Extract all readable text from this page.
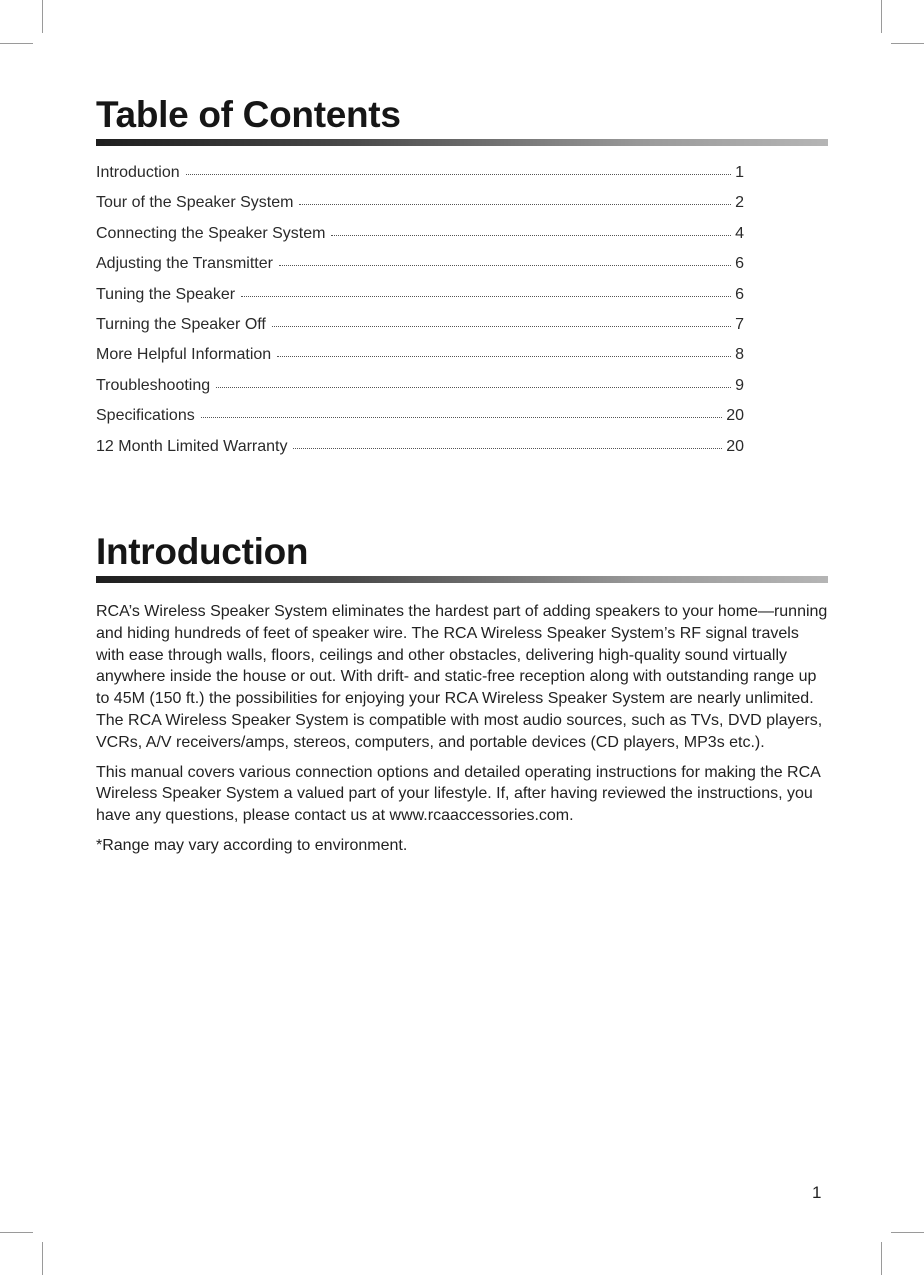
Table of Contents
Introduction	1
Tour of the Speaker System	2
Connecting the Speaker System	4
Adjusting the Transmitter	6
Tuning the Speaker	6
Turning the Speaker Off	7
More Helpful Information	8
Troubleshooting	9
Specifications	20
12 Month Limited Warranty	20
Introduction

RCA’s Wireless Speaker System eliminates the hardest part of adding speakers to your home—running and hiding hundreds of feet of speaker wire. The RCA Wireless Speaker System’s RF signal travels with ease through walls, floors, ceilings and other obstacles, delivering high-quality sound virtually anywhere inside the house or out. With drift- and static-free reception along with outstanding range up to 45M (150 ft.) the possibilities for enjoying your RCA Wireless Speaker System are nearly unlimited. The RCA Wireless Speaker System is compatible with most audio sources, such as TVs, DVD players, VCRs, A/V receivers/amps, stereos, computers, and portable devices (CD players, MP3s etc.).

This manual covers various connection options and detailed operating instructions for making the RCA Wireless Speaker System a valued part of your lifestyle. If, after having reviewed the instructions, you have any questions, please contact us at www.rcaaccessories.com.

*Range may vary according to environment.

1
